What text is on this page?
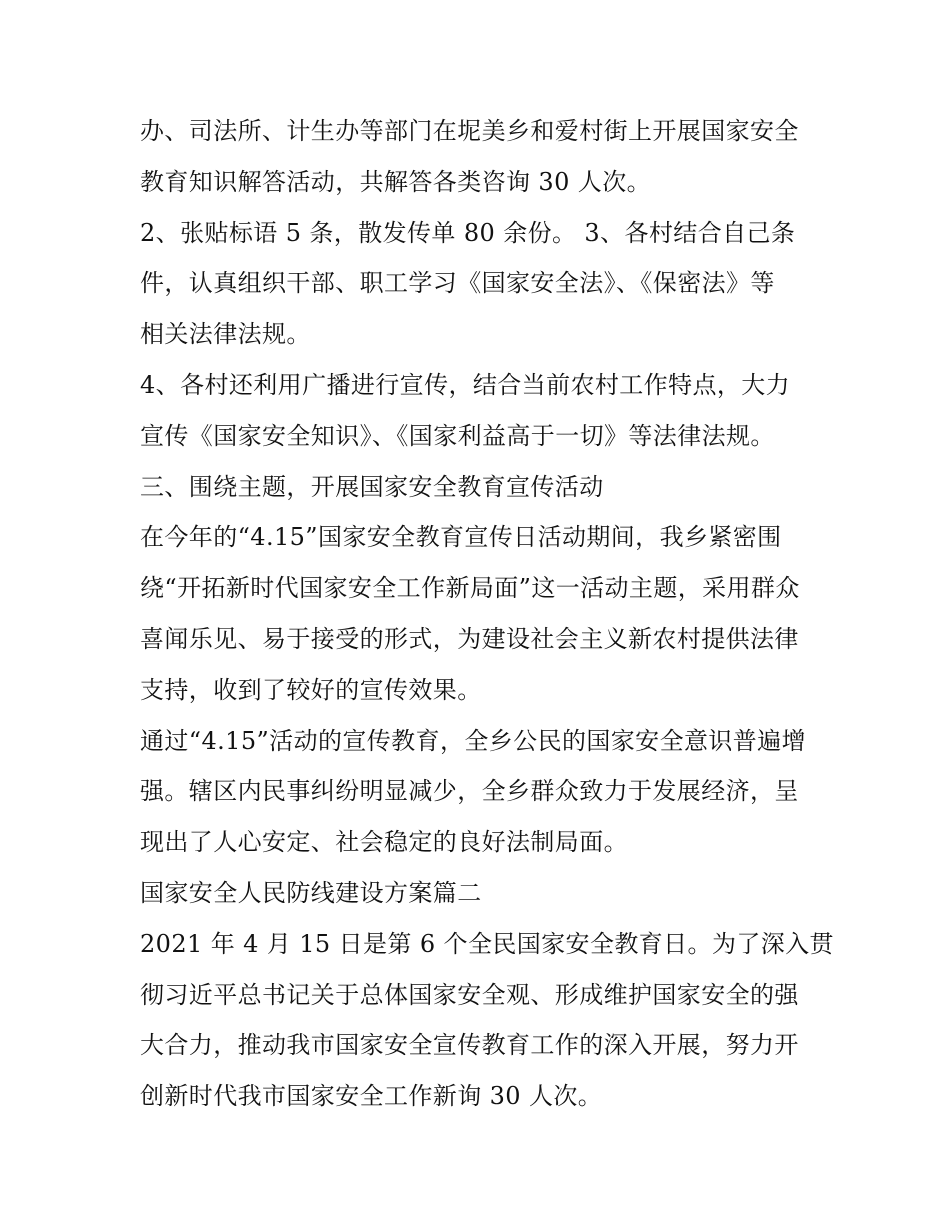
办、司法所、计生办等部门在坭美乡和爱村街上开展国家安全
教育知识解答活动，共解答各类咨询 30 人次。
2、张贴标语 5 条，散发传单 80 余份。 3、各村结合自己条
件，认真组织干部、职工学习《国家安全法》、《保密法》等
相关法律法规。
4、各村还利用广播进行宣传，结合当前农村工作特点，大力
宣传《国家安全知识》、《国家利益高于一切》等法律法规。
三、围绕主题，开展国家安全教育宣传活动
在今年的“4.15”国家安全教育宣传日活动期间，我乡紧密围
绕“开拓新时代国家安全工作新局面”这一活动主题，采用群众
喜闻乐见、易于接受的形式，为建设社会主义新农村提供法律
支持，收到了较好的宣传效果。
通过“4.15”活动的宣传教育，全乡公民的国家安全意识普遍增
强。辖区内民事纠纷明显减少，全乡群众致力于发展经济，呈
现出了人心安定、社会稳定的良好法制局面。
国家安全人民防线建设方案篇二
2021 年 4 月 15 日是第 6 个全民国家安全教育日。为了深入贯
彻习近平总书记关于总体国家安全观、形成维护国家安全的强
大合力，推动我市国家安全宣传教育工作的深入开展，努力开
创新时代我市国家安全工作新询 30 人次。
